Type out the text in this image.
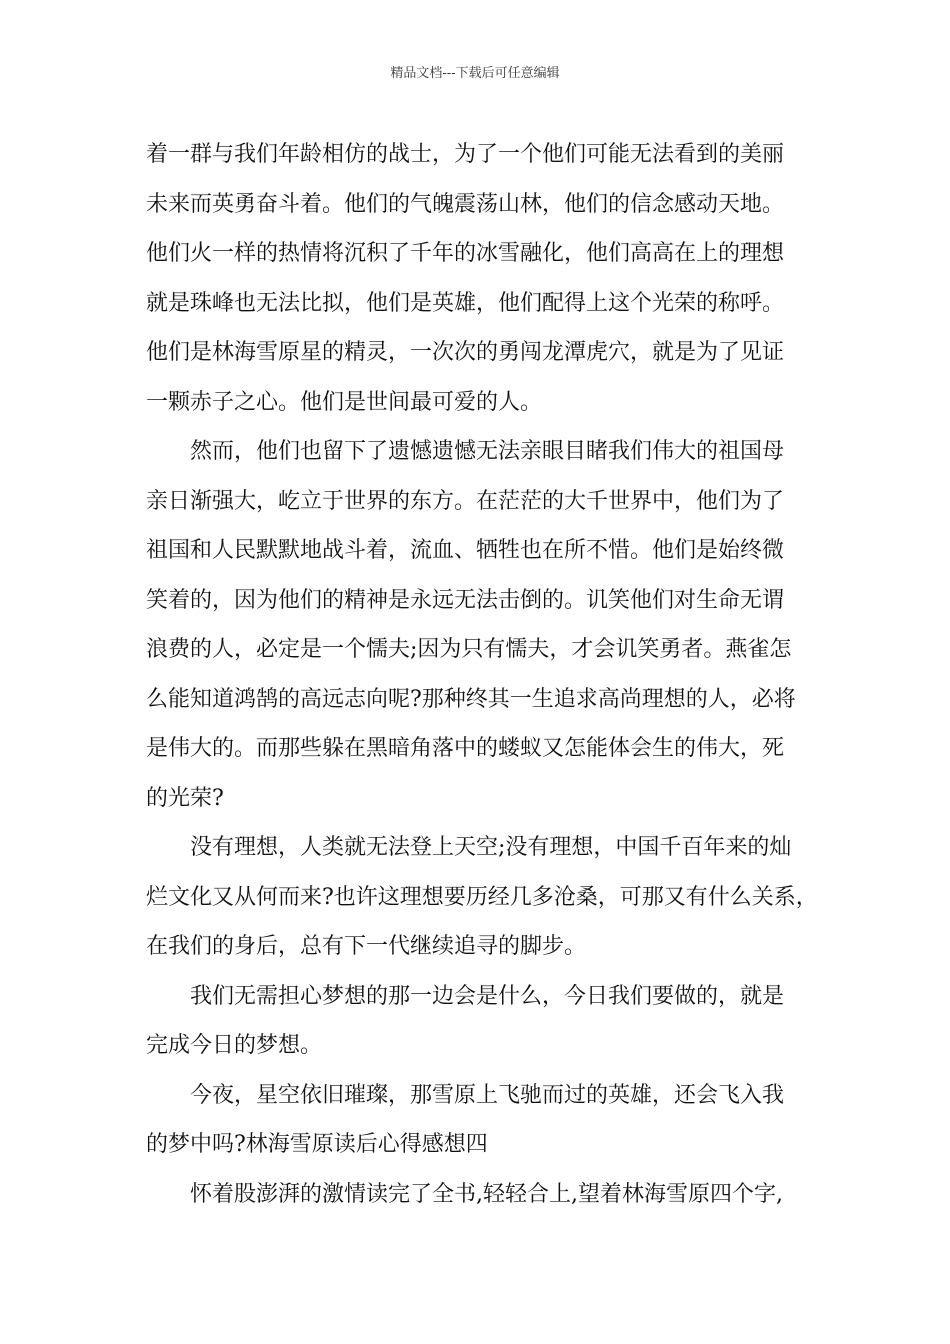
精品文档---下载后可任意编辑
着一群与我们年龄相仿的战士，为了一个他们可能无法看到的美丽
未来而英勇奋斗着。他们的气魄震荡山林，他们的信念感动天地。
他们火一样的热情将沉积了千年的冰雪融化，他们高高在上的理想
就是珠峰也无法比拟，他们是英雄，他们配得上这个光荣的称呼。
他们是林海雪原星的精灵，一次次的勇闯龙潭虎穴，就是为了见证
一颗赤子之心。他们是世间最可爱的人。
然而，他们也留下了遗憾遗憾无法亲眼目睹我们伟大的祖国母
亲日渐强大，屹立于世界的东方。在茫茫的大千世界中，他们为了
祖国和人民默默地战斗着，流血、牺牲也在所不惜。他们是始终微
笑着的，因为他们的精神是永远无法击倒的。讥笑他们对生命无谓
浪费的人，必定是一个懦夫;因为只有懦夫，才会讥笑勇者。燕雀怎
么能知道鸿鹄的高远志向呢?那种终其一生追求高尚理想的人，必将
是伟大的。而那些躲在黑暗角落中的蝼蚁又怎能体会生的伟大，死
的光荣?
没有理想，人类就无法登上天空;没有理想，中国千百年来的灿
烂文化又从何而来?也许这理想要历经几多沧桑，可那又有什么关系，
在我们的身后，总有下一代继续追寻的脚步。
我们无需担心梦想的那一边会是什么，今日我们要做的，就是
完成今日的梦想。
今夜，星空依旧璀璨，那雪原上飞驰而过的英雄，还会飞入我
的梦中吗?林海雪原读后心得感想四
怀着股澎湃的激情读完了全书,轻轻合上,望着林海雪原四个字,
